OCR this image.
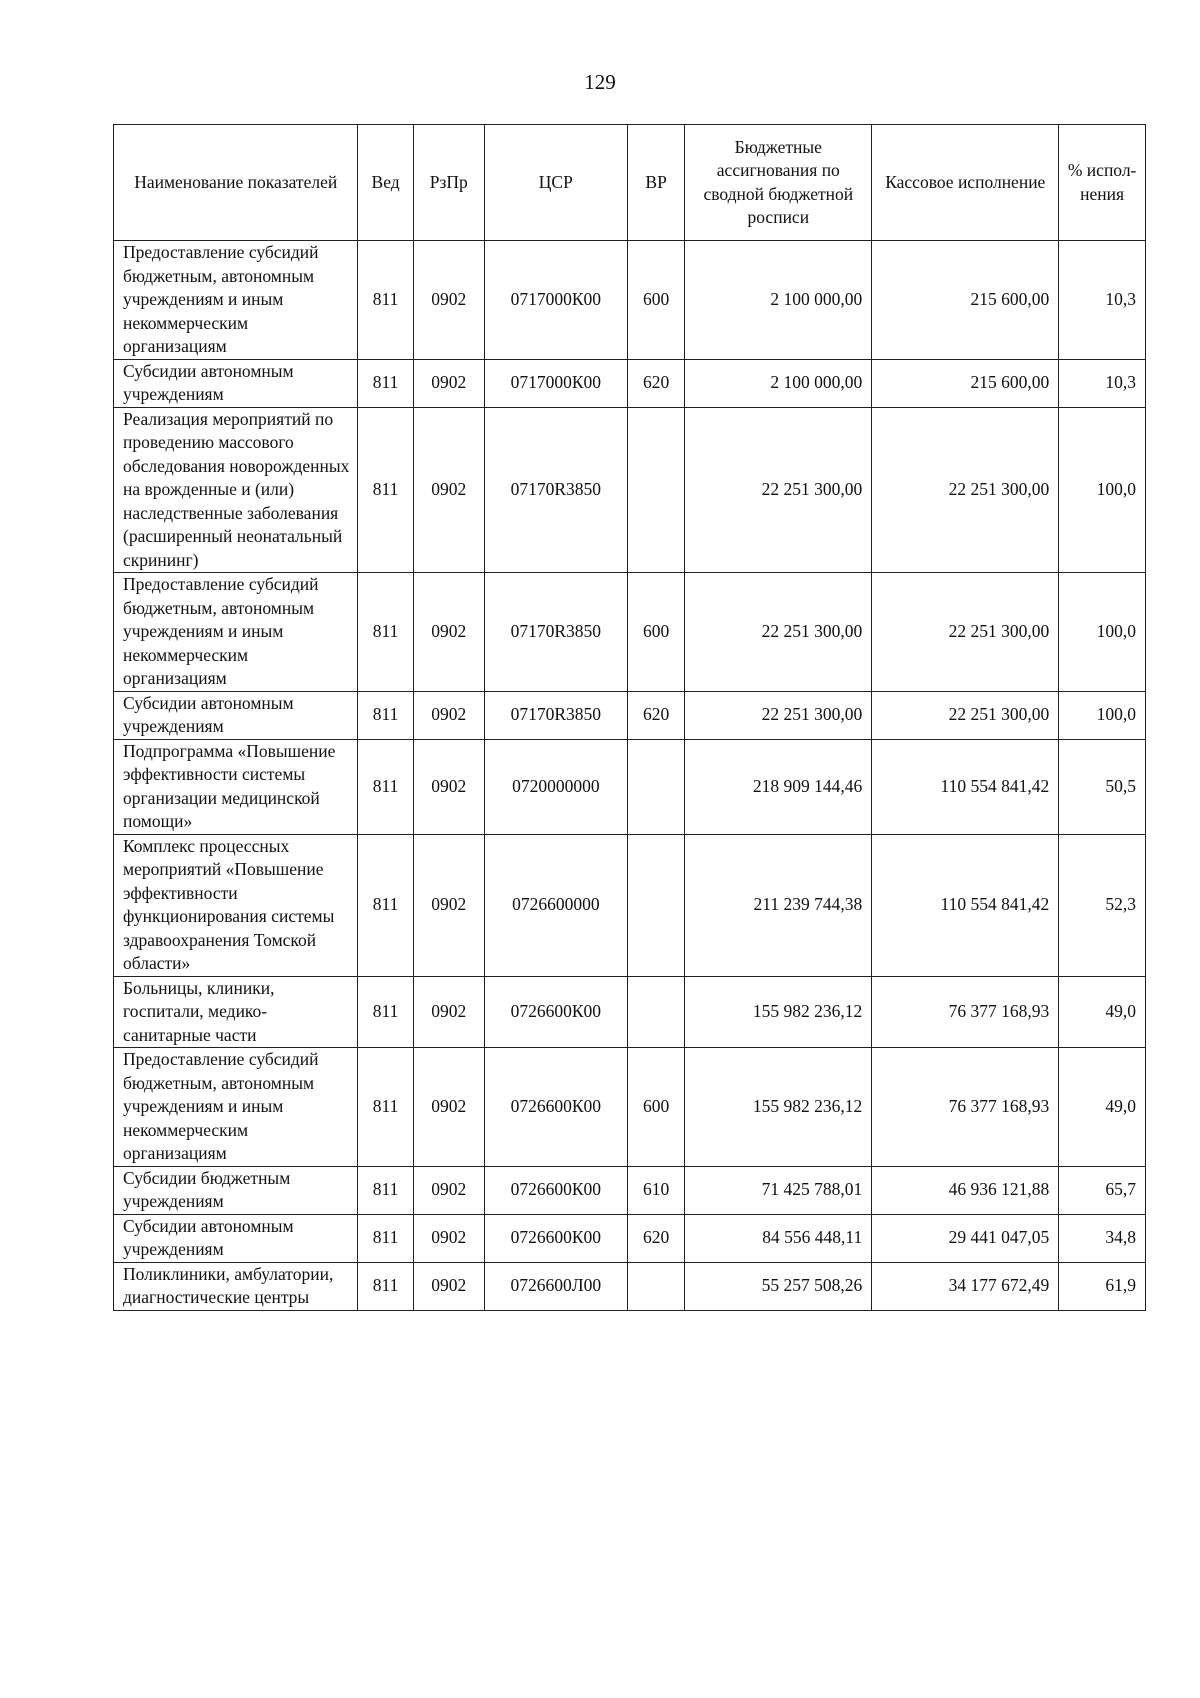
129
Наименование показателей	Вед	РзПр	ЦСР	ВР	Бюджетные ассигнования по сводной бюджетной росписи	Кассовое исполнение	% испол-нения
Предоставление субсидий бюджетным, автономным учреждениям и иным некоммерческим организациям	811	0902	0717000К00	600	2 100 000,00	215 600,00	10,3
Субсидии автономным учреждениям	811	0902	0717000К00	620	2 100 000,00	215 600,00	10,3
Реализация мероприятий по проведению массового обследования новорожденных на врожденные и (или) наследственные заболевания (расширенный неонатальный скрининг)	811	0902	07170R3850		22 251 300,00	22 251 300,00	100,0
Предоставление субсидий бюджетным, автономным учреждениям и иным некоммерческим организациям	811	0902	07170R3850	600	22 251 300,00	22 251 300,00	100,0
Субсидии автономным учреждениям	811	0902	07170R3850	620	22 251 300,00	22 251 300,00	100,0
Подпрограмма «Повышение эффективности системы организации медицинской помощи»	811	0902	0720000000		218 909 144,46	110 554 841,42	50,5
Комплекс процессных мероприятий «Повышение эффективности функционирования системы здравоохранения Томской области»	811	0902	0726600000		211 239 744,38	110 554 841,42	52,3
Больницы, клиники, госпитали, медико-санитарные части	811	0902	0726600К00		155 982 236,12	76 377 168,93	49,0
Предоставление субсидий бюджетным, автономным учреждениям и иным некоммерческим организациям	811	0902	0726600К00	600	155 982 236,12	76 377 168,93	49,0
Субсидии бюджетным учреждениям	811	0902	0726600К00	610	71 425 788,01	46 936 121,88	65,7
Субсидии автономным учреждениям	811	0902	0726600К00	620	84 556 448,11	29 441 047,05	34,8
Поликлиники, амбулатории, диагностические центры	811	0902	0726600Л00		55 257 508,26	34 177 672,49	61,9
